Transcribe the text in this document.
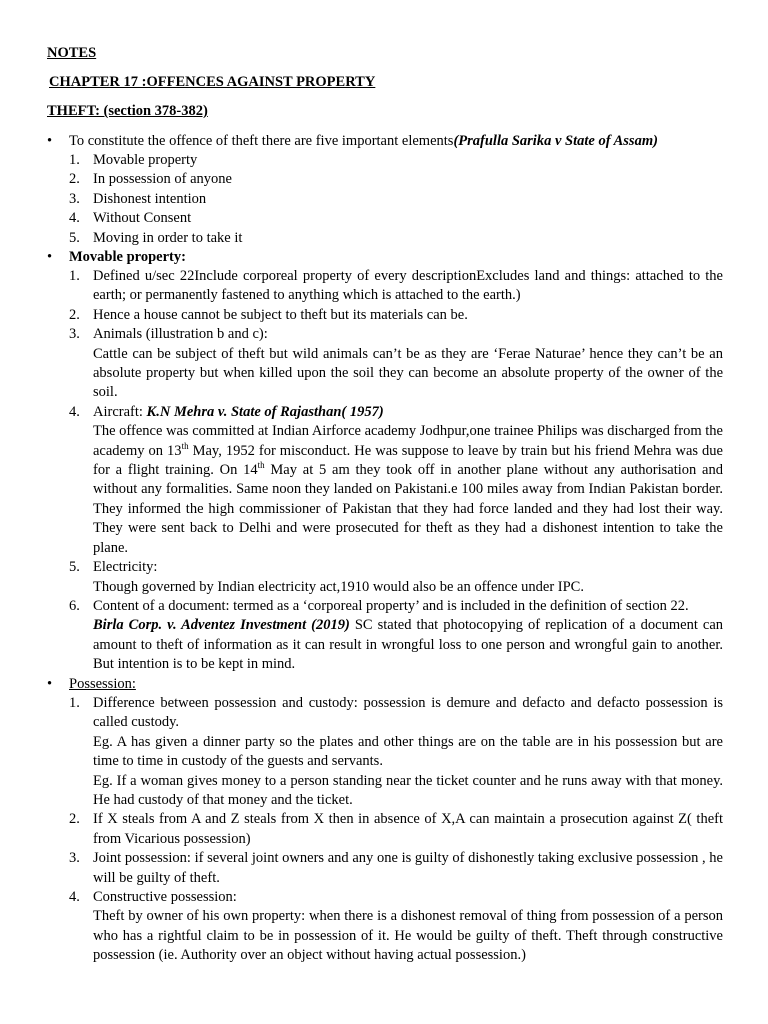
NOTES
CHAPTER 17 :OFFENCES AGAINST PROPERTY
THEFT: (section 378-382)
To constitute the offence of theft there are five important elements(Prafulla Sarika v State of Assam)
1. Movable property

2. In possession of anyone

3. Dishonest intention

4. Without Consent

5. Moving in order to take it

Movable property:
1. Defined u/sec 22Include corporeal property of every descriptionExcludes land and things: attached to the earth; or permanently fastened to anything which is attached to the earth.)

2. Hence a house cannot be subject to theft but its materials can be.

3. Animals (illustration b and c):

Cattle can be subject of theft but wild animals can’t be as they are ‘Ferae Naturae’ hence they can’t be an absolute property but when killed upon the soil they can become an absolute property of the owner of the soil.

4. Aircraft: K.N Mehra v. State of Rajasthan( 1957)

The offence was committed at Indian Airforce academy Jodhpur,one trainee Philips was discharged from the academy on 13th May, 1952 for misconduct. He was suppose to leave by train but his friend Mehra was due for a flight training. On 14th May at 5 am they took off in another plane without any authorisation and without any formalities. Same noon they landed on Pakistani.e 100 miles away from Indian Pakistan border. They informed the high commissioner of Pakistan that they had force landed and they had lost their way. They were sent back to Delhi and were prosecuted for theft as they had a dishonest intention to take the plane.

5. Electricity:

Though governed by Indian electricity act,1910 would also be an offence under IPC.

6. Content of a document: termed as a ‘corporeal property’ and is included in the definition of section 22.

Birla Corp. v. Adventez Investment (2019) SC stated that photocopying of replication of a document can amount to theft of information as it can result in wrongful loss to one person and wrongful gain to another. But intention is to be kept in mind.

Possession:
1. Difference between possession and custody: possession is demure and defacto and defacto possession is called custody.

Eg. A has given a dinner party so the plates and other things are on the table are in his possession but are time to time in custody of the guests and servants.

Eg. If a woman gives money to a person standing near the ticket counter and he runs away with that money. He had custody of that money and the ticket.

2. If X steals from A and Z steals from X then in absence of X,A can maintain a prosecution against Z( theft from Vicarious possession)

3. Joint possession: if several joint owners and any one is guilty of dishonestly taking exclusive possession , he will be guilty of theft.

4. Constructive possession:

Theft by owner of his own property: when there is a dishonest removal of thing from possession of a person who has a rightful claim to be in possession of it. He would be guilty of theft. Theft through constructive possession (ie. Authority over an object without having actual possession.)
